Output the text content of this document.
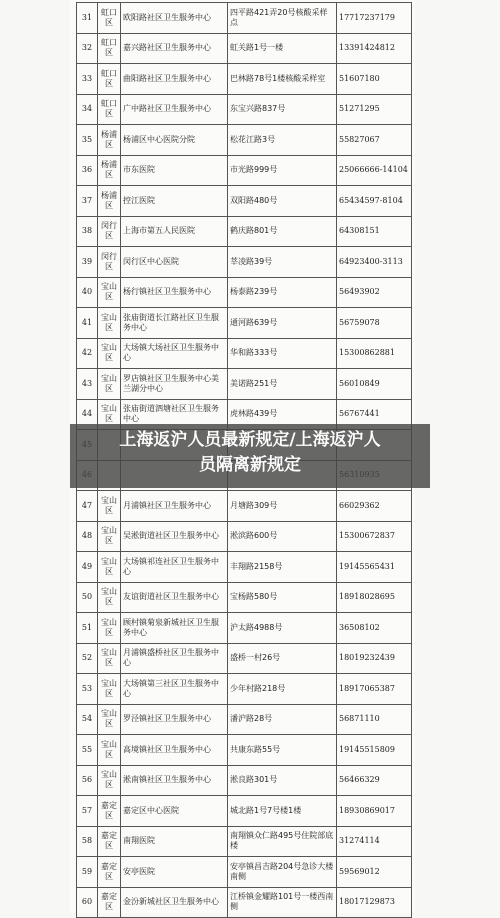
31	虹口区	欧阳路社区卫生服务中心	四平路421弄20号核酸采样点	17717237179
32	虹口区	嘉兴路社区卫生服务中心	虹关路1号一楼	13391424812
33	虹口区	曲阳路社区卫生服务中心	巴林路78号1楼核酸采样室	51607180
34	虹口区	广中路社区卫生服务中心	东宝兴路837号	51271295
35	杨浦区	杨浦区中心医院分院	松花江路3号	55827067
36	杨浦区	市东医院	市光路999号	25066666-14104
37	杨浦区	控江医院	双阳路480号	65434597-8104
38	闵行区	上海市第五人民医院	鹤庆路801号	64308151
39	闵行区	闵行区中心医院	莘凌路39号	64923400-3113
40	宝山区	杨行镇社区卫生服务中心	杨泰路239号	56493902
41	宝山区	张庙街道长江路社区卫生服务中心	通河路639号	56759078
42	宝山区	大场镇大场社区卫生服务中心	华和路333号	15300862881
43	宝山区	罗店镇社区卫生服务中心美兰湖分中心	美诺路251号	56010849
44	宝山区	张庙街道泗塘社区卫生服务中心	虎林路439号	56767441

47	宝山区	月浦镇社区卫生服务中心	月塘路309号	66029362
48	宝山区	吴淞街道社区卫生服务中心	淞滨路600号	15300672837
49	宝山区	大场镇祁连社区卫生服务中心	丰翔路2158号	19145565431
50	宝山区	友谊街道社区卫生服务中心	宝杨路580号	18918028695
51	宝山区	顾村镇菊泉新城社区卫生服务中心	沪太路4988号	36508102
52	宝山区	月浦镇盛桥社区卫生服务中心	盛桥一村26号	18019232439
53	宝山区	大场镇第三社区卫生服务中心	少年村路218号	18917065387
54	宝山区	罗泾镇社区卫生服务中心	潘沪路28号	56871110
55	宝山区	高境镇社区卫生服务中心	共康东路55号	19145515809
56	宝山区	淞南镇社区卫生服务中心	淞良路301号	56466329
57	嘉定区	嘉定区中心医院	城北路1号7号楼1楼	18930869017
58	嘉定区	南翔医院	南翔镇众仁路495号住院部底楼	31274114
59	嘉定区	安亭医院	安亭镇昌吉路204号急诊大楼南侧	59569012
60	嘉定区	金汾新城社区卫生服务中心	江桥镇金耀路101号一楼西南侧	18017129873
上海返沪人员最新规定/上海返沪人
员隔离新规定
